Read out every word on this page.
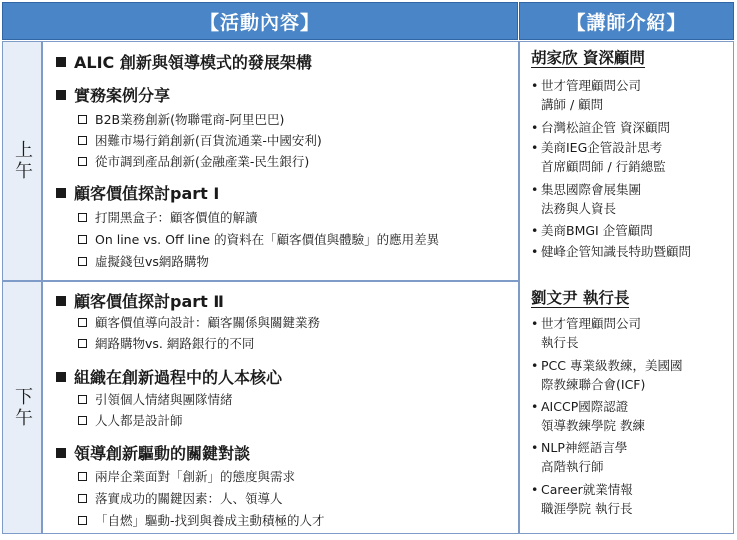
【活動內容】	【講師介紹】
上午
下午
ALIC 創新與領導模式的發展架構
實務案例分享
B2B業務創新(物聯電商-阿里巴巴)
困難市場行銷創新(百貨流通業-中國安利)
從市調到產品創新(金融產業-民生銀行)
顧客價值探討part Ⅰ
打開黑盒子：顧客價值的解讀
On line vs. Off line 的資料在「顧客價值與體驗」的應用差異
虛擬錢包vs網路購物
顧客價值探討part Ⅱ
顧客價值導向設計：顧客關係與關鍵業務
網路購物vs. 網路銀行的不同
組織在創新過程中的人本核心
引領個人情緒與團隊情緒
人人都是設計師
領導創新驅動的關鍵對談
兩岸企業面對「創新」的態度與需求
落實成功的關鍵因素：人、領導人
「自燃」驅動-找到與養成主動積極的人才
胡家欣 資深顧問
• 世才管理顧問公司
講師 / 顧問
• 台灣松諠企管 資深顧問
• 美商IEG企管設計思考
首席顧問師 / 行銷總監
• 集思國際會展集團
法務與人資長
• 美商BMGI 企管顧問
• 健峰企管知識長特助暨顧問
劉文尹 執行長
• 世才管理顧問公司
執行長
• PCC 專業級教練，美國國
際教練聯合會(ICF)
• AICCP國際認證
領導教練學院 教練
• NLP神經語言學
高階執行師
• Career就業情報
職涯學院 執行長
